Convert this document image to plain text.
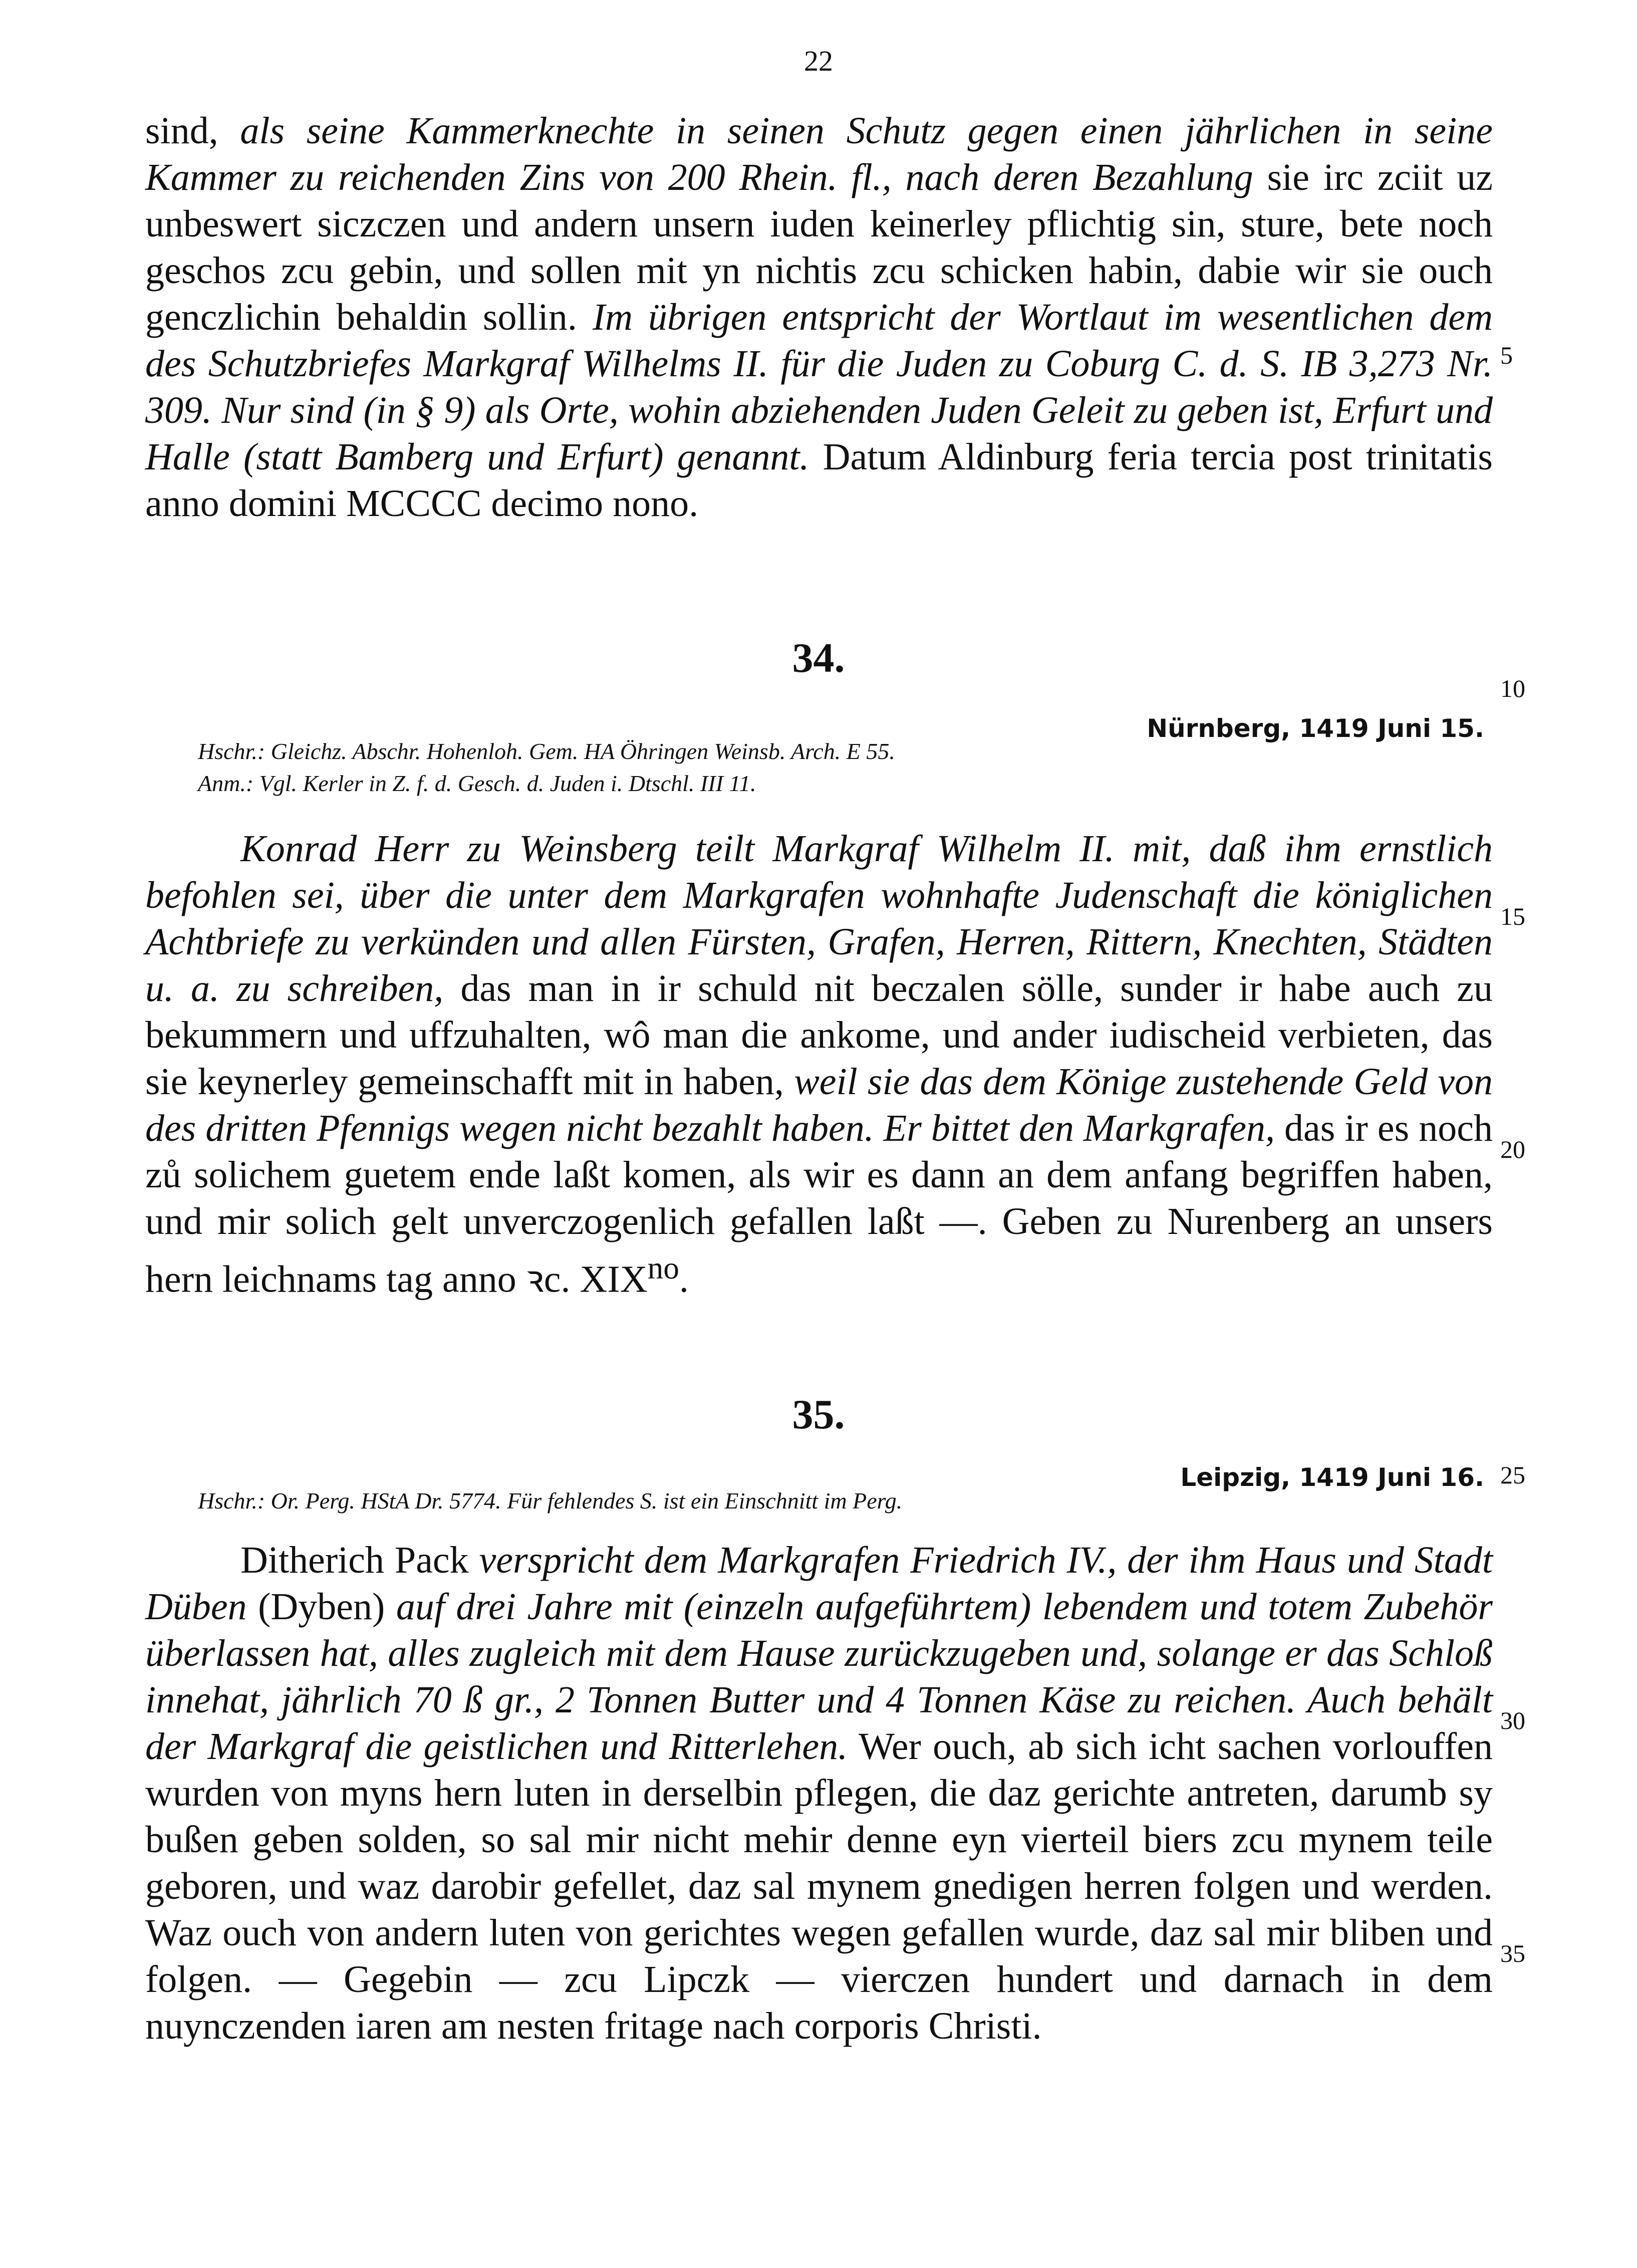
22

sind, als seine Kammerknechte in seinen Schutz gegen einen jährlichen in seine Kammer zu reichenden Zins von 200 Rhein. fl., nach deren Bezahlung sie irc zciit uz unbeswert siczczen und andern unsern iuden keinerley pflichtig sin, sture, bete noch geschos zcu gebin, und sollen mit yn nichtis zcu schicken habin, dabie wir sie ouch genczlichin behaldin sollin. Im übrigen entspricht der Wortlaut im wesentlichen dem des Schutzbriefes Markgraf Wilhelms II. für die Juden zu Coburg C. d. S. IB 3,273 Nr. 309. Nur sind (in § 9) als Orte, wohin abziehenden Juden Geleit zu geben ist, Erfurt und Halle (statt Bamberg und Erfurt) genannt. Datum Aldinburg feria tercia post trinitatis anno domini MCCCC decimo nono.

34.
Nürnberg, 1419 Juni 15.
Hschr.: Gleichz. Abschr. Hohenloh. Gem. HA Öhringen Weinsb. Arch. E 55.
Anm.: Vgl. Kerler in Z. f. d. Gesch. d. Juden i. Dtschl. III 11.

Konrad Herr zu Weinsberg teilt Markgraf Wilhelm II. mit, daß ihm ernstlich befohlen sei, über die unter dem Markgrafen wohnhafte Judenschaft die königlichen Achtbriefe zu verkünden und allen Fürsten, Grafen, Herren, Rittern, Knechten, Städten u. a. zu schreiben, das man in ir schuld nit beczalen sölle, sunder ir habe auch zu bekummern und uffzuhalten, wô man die ankome, und ander iudischeid verbieten, das sie keynerley gemeinschafft mit in haben, weil sie das dem Könige zustehende Geld von des dritten Pfennigs wegen nicht bezahlt haben. Er bittet den Markgrafen, das ir es noch zů solichem guetem ende laßt komen, als wir es dann an dem anfang begriffen haben, und mir solich gelt unverczogenlich gefallen laßt —. Geben zu Nurenberg an unsers hern leichnams tag anno ꝛc. $XIX^{no}$.

35.
Leipzig, 1419 Juni 16.
Hschr.: Or. Perg. HStA Dr. 5774. Für fehlendes S. ist ein Einschnitt im Perg.

Ditherich Pack verspricht dem Markgrafen Friedrich IV., der ihm Haus und Stadt Düben (Dyben) auf drei Jahre mit (einzeln aufgeführtem) lebendem und totem Zubehör überlassen hat, alles zugleich mit dem Hause zurückzugeben und, solange er das Schloß innehat, jährlich 70 ß gr., 2 Tonnen Butter und 4 Tonnen Käse zu reichen. Auch behält der Markgraf die geistlichen und Ritterlehen. Wer ouch, ab sich icht sachen vorlouffen wurden von myns hern luten in derselbin pflegen, die daz gerichte antreten, darumb sy bußen geben solden, so sal mir nicht mehir denne eyn vierteil biers zcu mynem teile geboren, und waz darobir gefellet, daz sal mynem gnedigen herren folgen und werden. Waz ouch von andern luten von gerichtes wegen gefallen wurde, daz sal mir bliben und folgen. — Gegebin — zcu Lipczk — vierczen hundert und darnach in dem nuynczenden iaren am nesten fritage nach corporis Christi.

5
10
15
20
25
30
35
